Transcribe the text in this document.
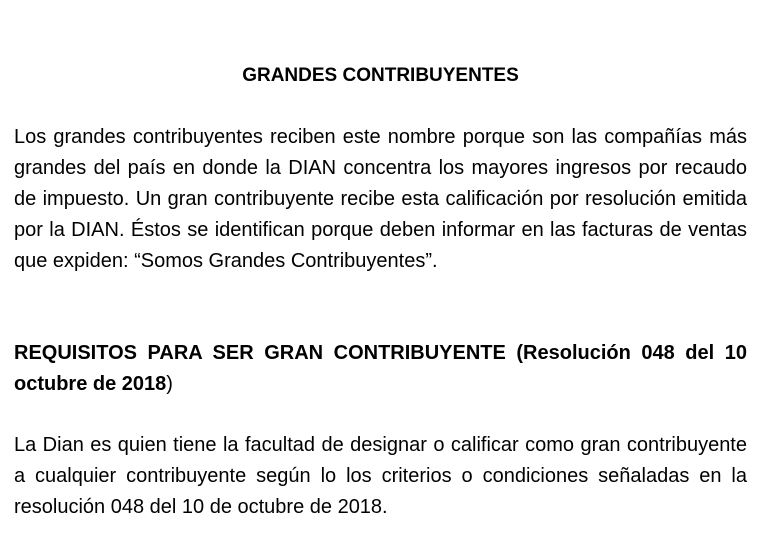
GRANDES CONTRIBUYENTES

Los grandes contribuyentes reciben este nombre porque son las compañías más grandes del país en donde la DIAN concentra los mayores ingresos por recaudo de impuesto. Un gran contribuyente recibe esta calificación por resolución emitida por la DIAN. Éstos se identifican porque deben informar en las facturas de ventas que expiden: “Somos Grandes Contribuyentes”.

REQUISITOS PARA SER GRAN CONTRIBUYENTE (Resolución 048 del 10 octubre de 2018)

La Dian es quien tiene la facultad de designar o calificar como gran contribuyente a cualquier contribuyente según lo los criterios o condiciones señaladas en la resolución 048 del 10 de octubre de 2018.
